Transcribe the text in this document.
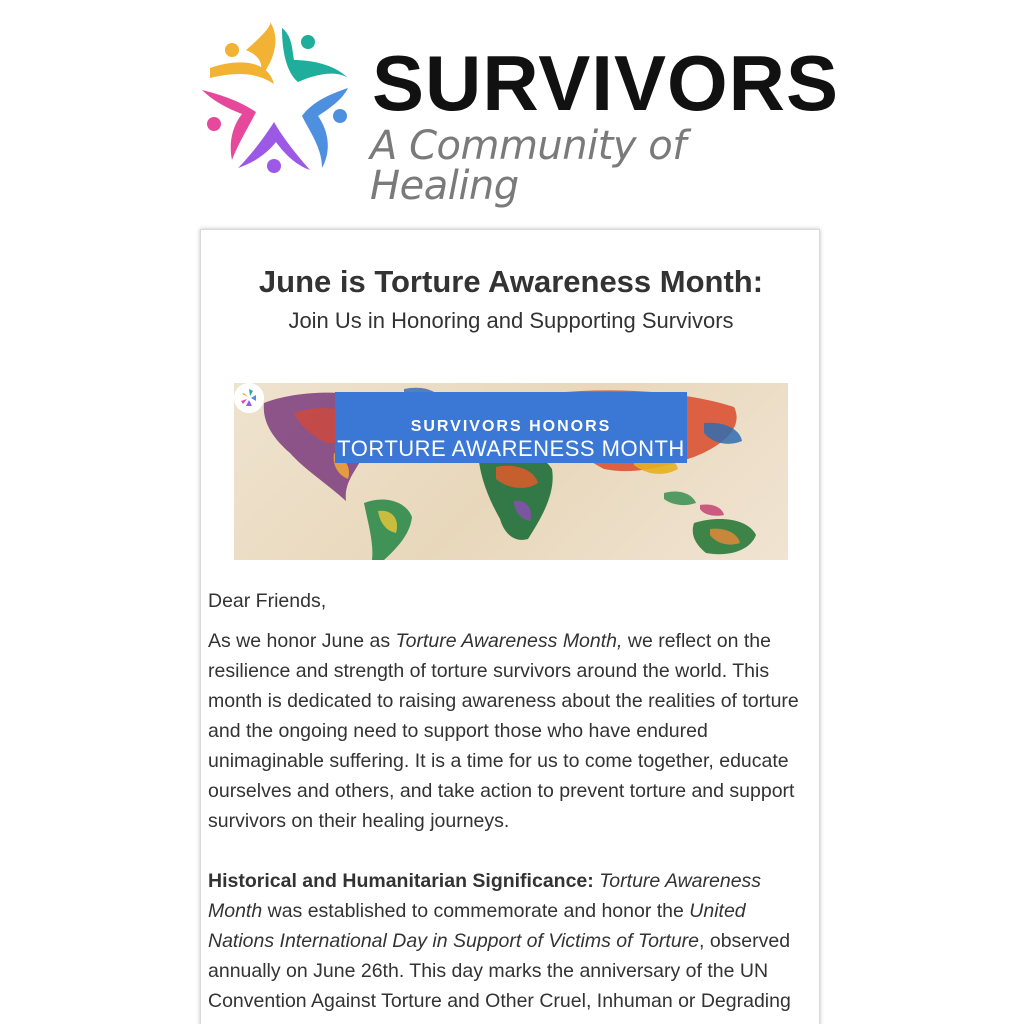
SURVIVORS
A Community of Healing
June is Torture Awareness Month:
Join Us in Honoring and Supporting Survivors
SURVIVORS HONORS
TORTURE AWARENESS MONTH

Dear Friends,

As we honor June as Torture Awareness Month, we reflect on the resilience and strength of torture survivors around the world. This month is dedicated to raising awareness about the realities of torture and the ongoing need to support those who have endured unimaginable suffering. It is a time for us to come together, educate ourselves and others, and take action to prevent torture and support survivors on their healing journeys.

Historical and Humanitarian Significance: Torture Awareness Month was established to commemorate and honor the United Nations International Day in Support of Victims of Torture, observed annually on June 26th. This day marks the anniversary of the UN Convention Against Torture and Other Cruel, Inhuman or Degrading
